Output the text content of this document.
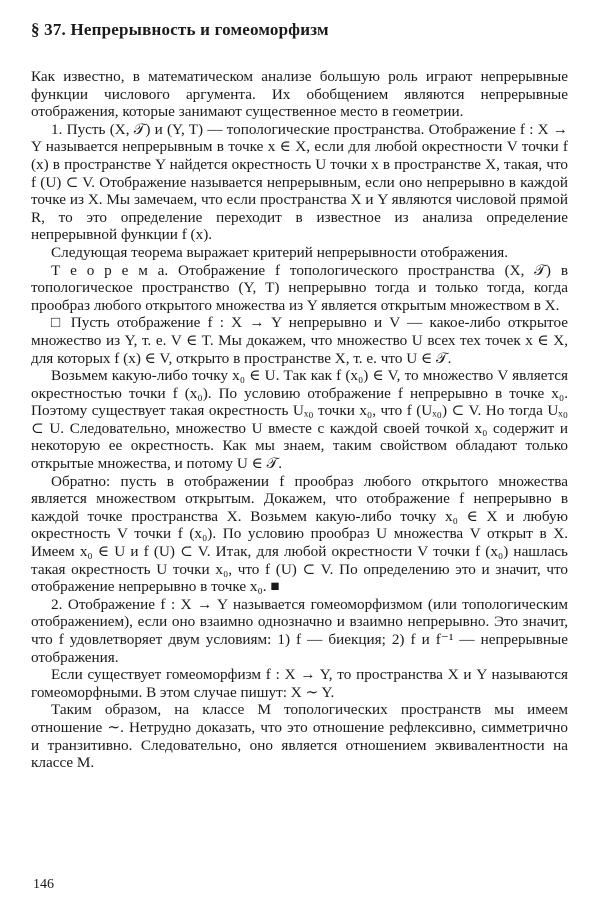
§ 37. Непрерывность и гомеоморфизм

Как известно, в математическом анализе большую роль играют непрерывные функции числового аргумента. Их обобщением являются непрерывные отображения, которые занимают существенное место в геометрии.

1. Пусть (X, 𝒯) и (Y, T) — топологические пространства. Отображение f : X → Y называется непрерывным в точке x ∈ X, если для любой окрестности V точки f (x) в пространстве Y найдется окрестность U точки x в пространстве X, такая, что f (U) ⊂ V. Отображение называется непрерывным, если оно непрерывно в каждой точке из X. Мы замечаем, что если пространства X и Y являются числовой прямой R, то это определение переходит в известное из анализа определение непрерывной функции f (x).

Следующая теорема выражает критерий непрерывности отображения.

Т е о р е м а. Отображение f топологического пространства (X, 𝒯) в топологическое пространство (Y, T) непрерывно тогда и только тогда, когда прообраз любого открытого множества из Y является открытым множеством в X.

□ Пусть отображение f : X → Y непрерывно и V — какое-либо открытое множество из Y, т. е. V ∈ T. Мы докажем, что множество U всех тех точек x ∈ X, для которых f (x) ∈ V, открыто в пространстве X, т. е. что U ∈ 𝒯.

Возьмем какую-либо точку x₀ ∈ U. Так как f (x₀) ∈ V, то множество V является окрестностью точки f (x₀). По условию отображение f непрерывно в точке x₀. Поэтому существует такая окрестность Uₓ₀ точки x₀, что f (Uₓ₀) ⊂ V. Но тогда Uₓ₀ ⊂ U. Следовательно, множество U вместе с каждой своей точкой x₀ содержит и некоторую ее окрестность. Как мы знаем, таким свойством обладают только открытые множества, и потому U ∈ 𝒯.

Обратно: пусть в отображении f прообраз любого открытого множества является множеством открытым. Докажем, что отображение f непрерывно в каждой точке пространства X. Возьмем какую-либо точку x₀ ∈ X и любую окрестность V точки f (x₀). По условию прообраз U множества V открыт в X. Имеем x₀ ∈ U и f (U) ⊂ V. Итак, для любой окрестности V точки f (x₀) нашлась такая окрестность U точки x₀, что f (U) ⊂ V. По определению это и значит, что отображение непрерывно в точке x₀. ■

2. Отображение f : X → Y называется гомеоморфизмом (или топологическим отображением), если оно взаимно однозначно и взаимно непрерывно. Это значит, что f удовлетворяет двум условиям: 1) f — биекция; 2) f и f⁻¹ — непрерывные отображения.

Если существует гомеоморфизм f : X → Y, то пространства X и Y называются гомеоморфными. В этом случае пишут: X ∼ Y.

Таким образом, на классе M топологических пространств мы имеем отношение ∼. Нетрудно доказать, что это отношение рефлексивно, симметрично и транзитивно. Следовательно, оно является отношением эквивалентности на классе M.

146
